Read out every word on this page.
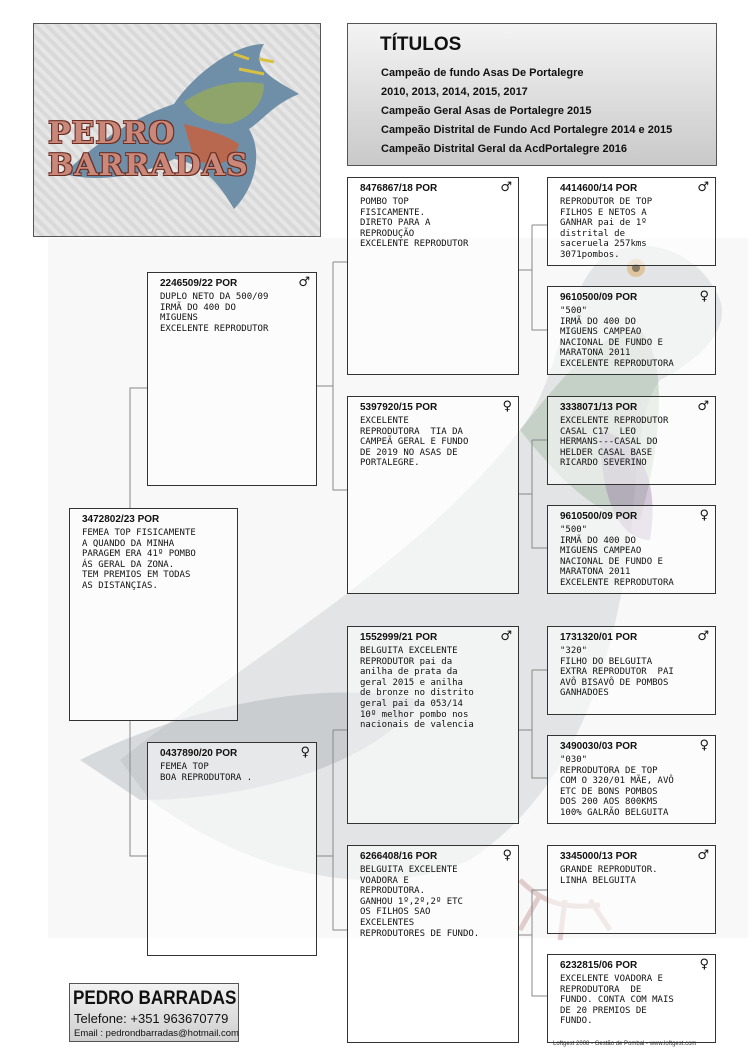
PEDRO
BARRADAS
TÍTULOS
Campeão de fundo Asas De Portalegre
2010, 2013, 2014, 2015, 2017
Campeão Geral Asas de Portalegre 2015
Campeão Distrital de Fundo Acd Portalegre 2014 e 2015
Campeão Distrital Geral da AcdPortalegre 2016
3472802/23 POR
FEMEA TOP FISICAMENTE
A QUANDO DA MINHA
PARAGEM ERA 41º POMBO
ÁS GERAL DA ZONA.
TEM PREMIOS EM TODAS
AS DISTANÇIAS.
2246509/22 POR	♂
DUPLO NETO DA 500/09
IRMÃ DO 400 DO
MIGUENS
EXCELENTE REPRODUTOR
0437890/20 POR	♀
FEMEA TOP
BOA REPRODUTORA .
8476867/18 POR	♂
POMBO TOP
FISICAMENTE.
DIRETO PARA A
REPRODUÇÃO
EXCELENTE REPRODUTOR
5397920/15 POR	♀
EXCELENTE
REPRODUTORA  TIA DA
CAMPEÃ GERAL E FUNDO
DE 2019 NO ASAS DE
PORTALEGRE.
1552999/21 POR	♂
BELGUITA EXCELENTE
REPRODUTOR pai da
anilha de prata da
geral 2015 e anilha
de bronze no distrito
geral pai da 053/14
10º melhor pombo nos
nacionais de valencia
6266408/16 POR	♀
BELGUITA EXCELENTE
VOADORA E
REPRODUTORA.
GANHOU 1º,2º,2º ETC
OS FILHOS SAO
EXCELENTES
REPRODUTORES DE FUNDO.
4414600/14 POR	♂
REPRODUTOR DE TOP
FILHOS E NETOS A
GANHAR pai de 1º
distrital de
saceruela 257kms
3071pombos.
9610500/09 POR	♀
"500"
IRMÃ DO 400 DO
MIGUENS CAMPEAO
NACIONAL DE FUNDO E
MARATONA 2011
EXCELENTE REPRODUTORA
3338071/13 POR	♂
EXCELENTE REPRODUTOR
CASAL C17  LEO
HERMANS---CASAL DO
HELDER CASAL BASE
RICARDO SEVERINO
9610500/09 POR	♀
"500"
IRMÃ DO 400 DO
MIGUENS CAMPEAO
NACIONAL DE FUNDO E
MARATONA 2011
EXCELENTE REPRODUTORA
1731320/01 POR	♂
"320"
FILHO DO BELGUITA
EXTRA REPRODUTOR  PAI
AVÔ BISAVÔ DE POMBOS
GANHADOES
3490030/03 POR	♀
"030"
REPRODUTORA DE TOP
COM O 320/01 MÃE, AVÔ
ETC DE BONS POMBOS
DOS 200 AOS 800KMS
100% GALRÃO BELGUITA
3345000/13 POR	♂
GRANDE REPRODUTOR.
LINHA BELGUITA
6232815/06 POR	♀
EXCELENTE VOADORA E
REPRODUTORA  DE
FUNDO. CONTA COM MAIS
DE 20 PREMIOS DE
FUNDO.
PEDRO BARRADAS
Telefone: +351 963670779
Email : pedrondbarradas@hotmail.com
Loftgest 2008 - Gestão de Pombal - www.loftgest.com
